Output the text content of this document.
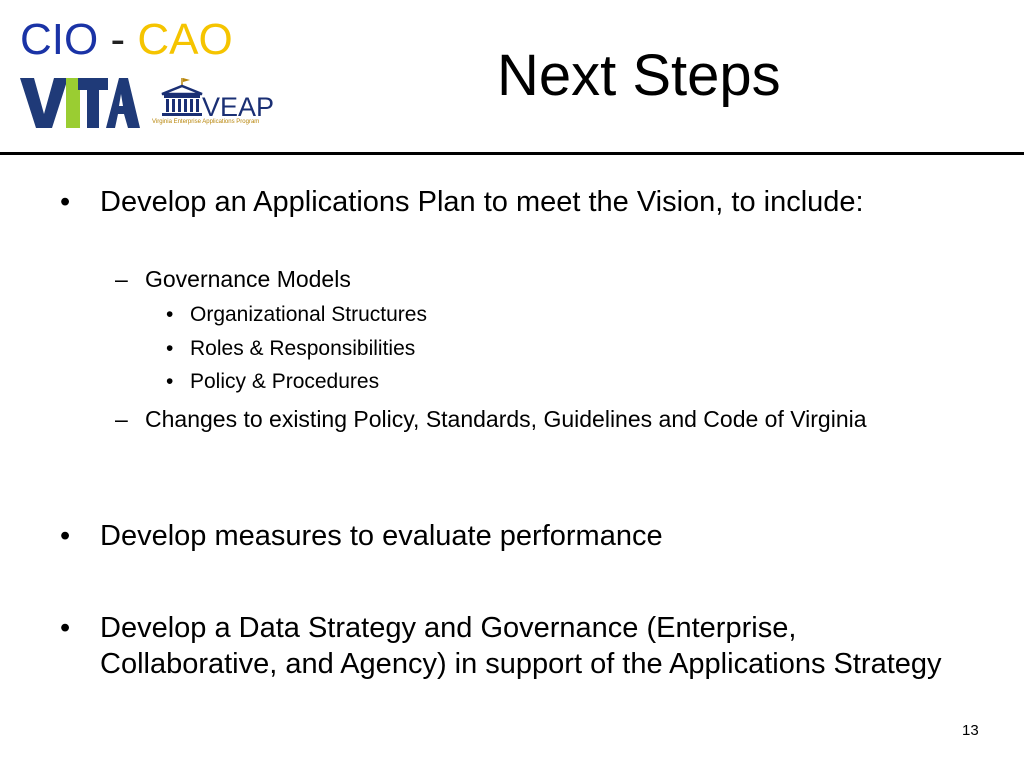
CIO - CAO
VEAP
Virginia Enterprise Applications Program
Next Steps
• Develop an Applications Plan to meet the Vision, to include:
– Governance Models
• Organizational Structures
• Roles & Responsibilities
• Policy & Procedures
– Changes to existing Policy, Standards, Guidelines and Code of Virginia
• Develop measures to evaluate performance
• Develop a Data Strategy and Governance (Enterprise, Collaborative, and Agency) in support of the Applications Strategy
13
